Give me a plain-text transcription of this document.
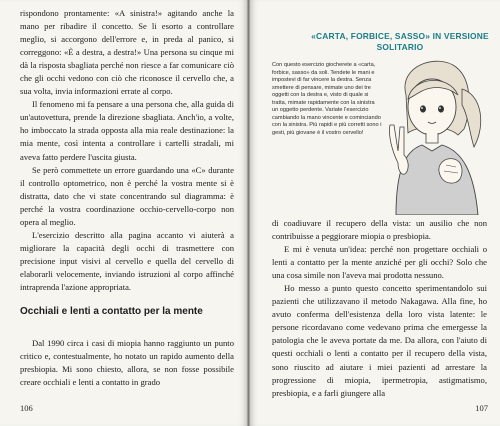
rispondono prontamente: «A sinistra!» agitando anche la mano per ribadire il concetto. Se li esorto a controllare meglio, si accorgono dell'errore e, in preda al panico, si correggono: «È a destra, a destra!» Una persona su cinque mi dà la risposta sbagliata perché non riesce a far comunicare ciò che gli occhi vedono con ciò che riconosce il cervello che, a sua volta, invia informazioni errate al corpo.

Il fenomeno mi fa pensare a una persona che, alla guida di un'autovettura, prende la direzione sbagliata. Anch'io, a volte, ho imboccato la strada opposta alla mia reale destinazione: la mia mente, così intenta a controllare i cartelli stradali, mi aveva fatto perdere l'uscita giusta.

Se però commettete un errore guardando una «C» durante il controllo optometrico, non è perché la vostra mente si è distratta, dato che vi state concentrando sul diagramma: è perché la vostra coordinazione occhio-cervello-corpo non opera al meglio.

L'esercizio descritto alla pagina accanto vi aiuterà a migliorare la capacità degli occhi di trasmettere con precisione input visivi al cervello e quella del cervello di elaborarli velocemente, inviando istruzioni al corpo affinché intraprenda l'azione appropriata.

Occhiali e lenti a contatto per la mente

Dal 1990 circa i casi di miopia hanno raggiunto un punto critico e, contestualmente, ho notato un rapido aumento della presbiopia. Mi sono chiesto, allora, se non fosse possibile creare occhiali e lenti a contatto in grado

106
«CARTA, FORBICE, SASSO» IN VERSIONE SOLITARIO
Con questo esercizio giocherete a «carta, forbice, sasso» da soli. Tendete le mani e impostevi di far vincere la destra. Senza smettere di pensare, mimate uno dei tre oggetti con la destra e, visto di quale si tratta, mimate rapidamente con la sinistra un oggetto perdente. Variate l'esercizio cambiando la mano vincente e cominciando con la sinistra. Più rapidi e più corretti sono i gesti, più giovane è il vostro cervello!

di coadiuvare il recupero della vista: un ausilio che non contribuisse a peggiorare miopia o presbiopia.

E mi è venuta un'idea: perché non progettare occhiali o lenti a contatto per la mente anziché per gli occhi? Solo che una cosa simile non l'aveva mai prodotta nessuno.

Ho messo a punto questo concetto sperimentandolo sui pazienti che utilizzavano il metodo Nakagawa. Alla fine, ho avuto conferma dell'esistenza della loro vista latente: le persone ricordavano come vedevano prima che emergesse la patologia che le aveva portate da me. Da allora, con l'aiuto di questi occhiali o lenti a contatto per il recupero della vista, sono riuscito ad aiutare i miei pazienti ad arrestare la progressione di miopia, ipermetropia, astigmatismo, presbiopia, e a farli giungere alla

107
